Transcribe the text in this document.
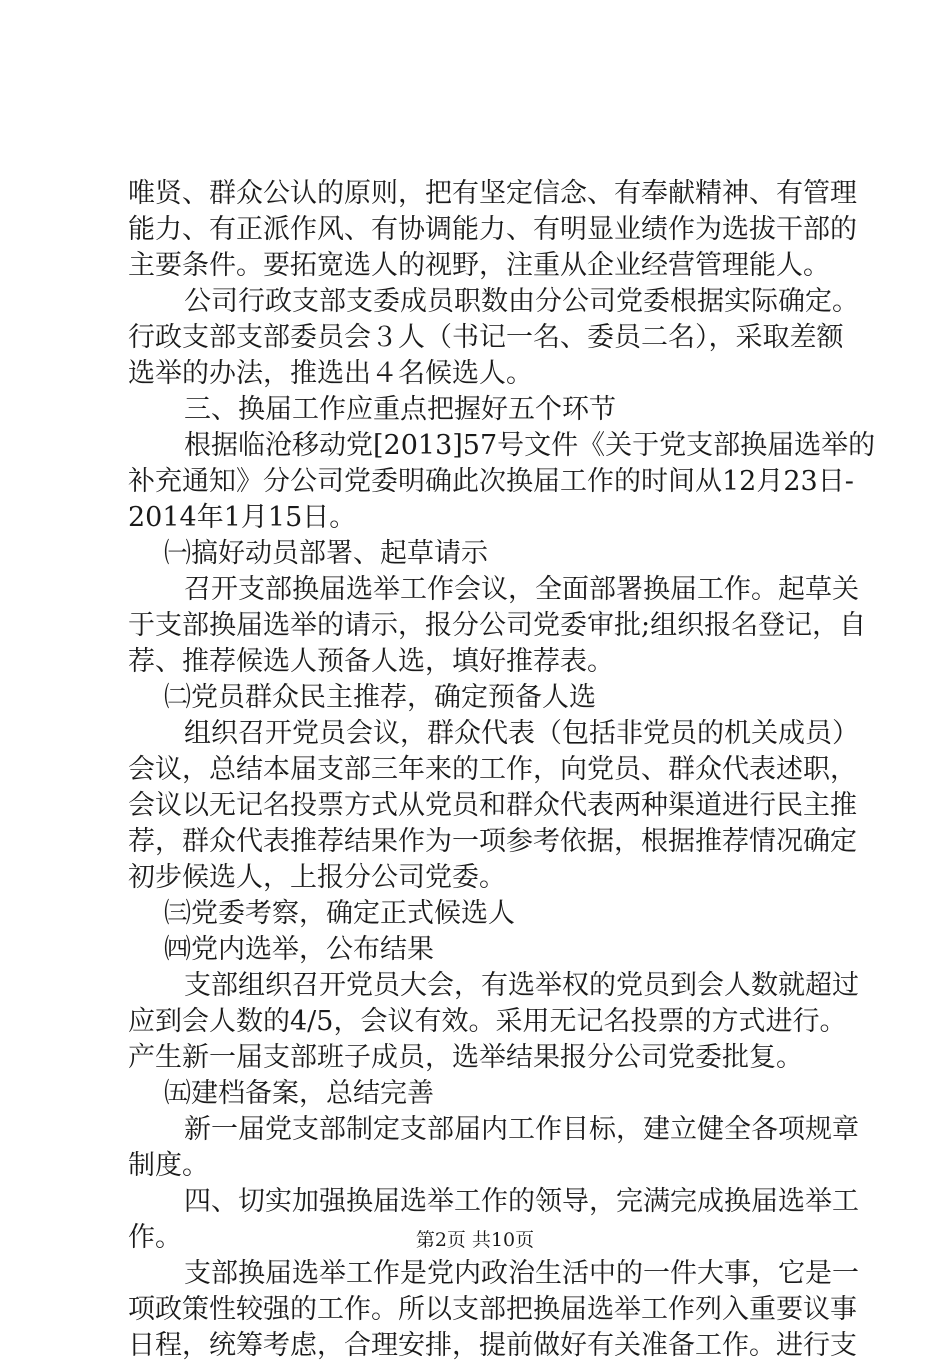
唯贤、群众公认的原则，把有坚定信念、有奉献精神、有管理
能力、有正派作风、有协调能力、有明显业绩作为选拔干部的
主要条件。要拓宽选人的视野，注重从企业经营管理能人。
公司行政支部支委成员职数由分公司党委根据实际确定。
行政支部支部委员会３人（书记一名、委员二名），采取差额
选举的办法，推选出４名候选人。
三、换届工作应重点把握好五个环节
根据临沧移动党[2013]57号文件《关于党支部换届选举的
补充通知》分公司党委明确此次换届工作的时间从12月23日-
2014年1月15日。
㈠搞好动员部署、起草请示
召开支部换届选举工作会议，全面部署换届工作。起草关
于支部换届选举的请示，报分公司党委审批;组织报名登记，自
荐、推荐候选人预备人选，填好推荐表。
㈡党员群众民主推荐，确定预备人选
组织召开党员会议，群众代表（包括非党员的机关成员）
会议，总结本届支部三年来的工作，向党员、群众代表述职，
会议以无记名投票方式从党员和群众代表两种渠道进行民主推
荐，群众代表推荐结果作为一项参考依据，根据推荐情况确定
初步候选人，上报分公司党委。
㈢党委考察，确定正式候选人
㈣党内选举，公布结果
支部组织召开党员大会，有选举权的党员到会人数就超过
应到会人数的4/5，会议有效。采用无记名投票的方式进行。
产生新一届支部班子成员，选举结果报分公司党委批复。
㈤建档备案，总结完善
新一届党支部制定支部届内工作目标，建立健全各项规章
制度。
四、切实加强换届选举工作的领导，完满完成换届选举工
作。
支部换届选举工作是党内政治生活中的一件大事，它是一
项政策性较强的工作。所以支部把换届选举工作列入重要议事
日程，统筹考虑，合理安排，提前做好有关准备工作。进行支
第2页 共10页
